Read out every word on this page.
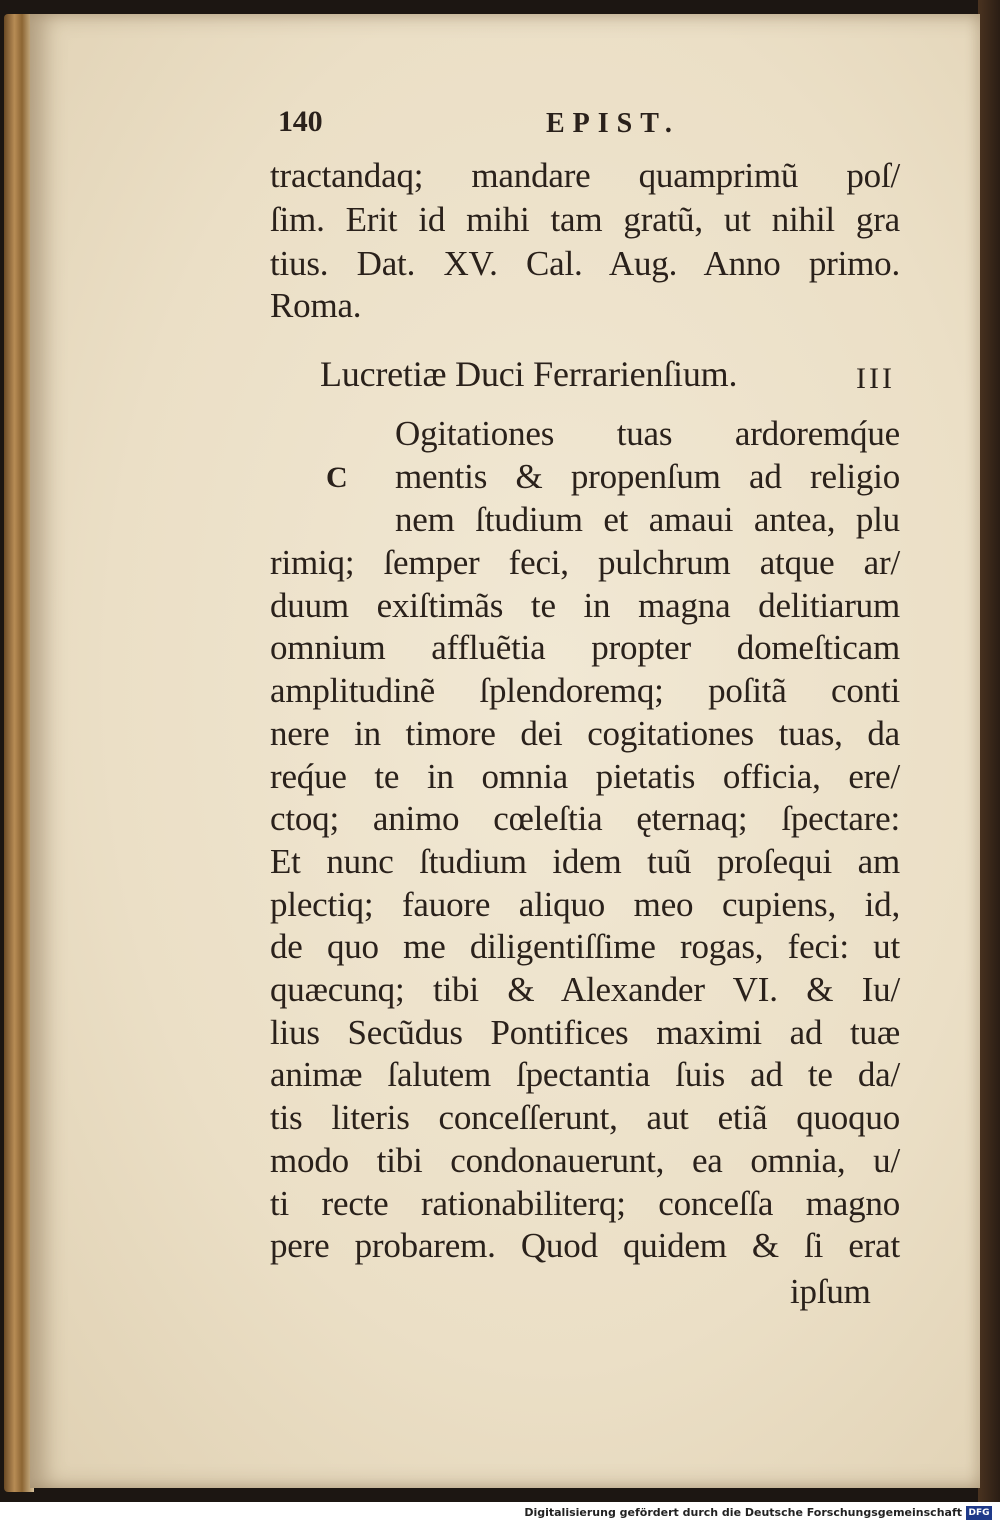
140	EPIST.
tractandaq; mandare quamprimũ poſ/
ſim. Erit id mihi tam gratũ, ut nihil gra
tius. Dat. XV. Cal. Aug. Anno primo.
Roma.
Lucretiæ Duci Ferrarienſium.	III
C
Ogitationes tuas ardoremq́ue
mentis & propenſum ad religio
nem ſtudium et amaui antea, plu
rimiq; ſemper feci, pulchrum atque ar/
duum exiſtimãs te in magna delitiarum
omnium affluẽtia propter domeſticam
amplitudinẽ ſplendoremq; poſitã conti
nere in timore dei cogitationes tuas, da
req́ue te in omnia pietatis officia, ere/
ctoq; animo cœleſtia ęternaq; ſpectare:
Et nunc ſtudium idem tuũ proſequi am
plectiq; fauore aliquo meo cupiens, id,
de quo me diligentiſſime rogas, feci: ut
quæcunq; tibi & Alexander VI. & Iu/
lius Secũdus Pontifices maximi ad tuæ
animæ ſalutem ſpectantia ſuis ad te da/
tis literis conceſſerunt, aut etiã quoquo
modo tibi condonauerunt, ea omnia, u/
ti recte rationabiliterq; conceſſa magno
pere probarem. Quod quidem & ſi erat
ipſum
Digitalisierung gefördert durch die Deutsche Forschungsgemeinschaft DFG
